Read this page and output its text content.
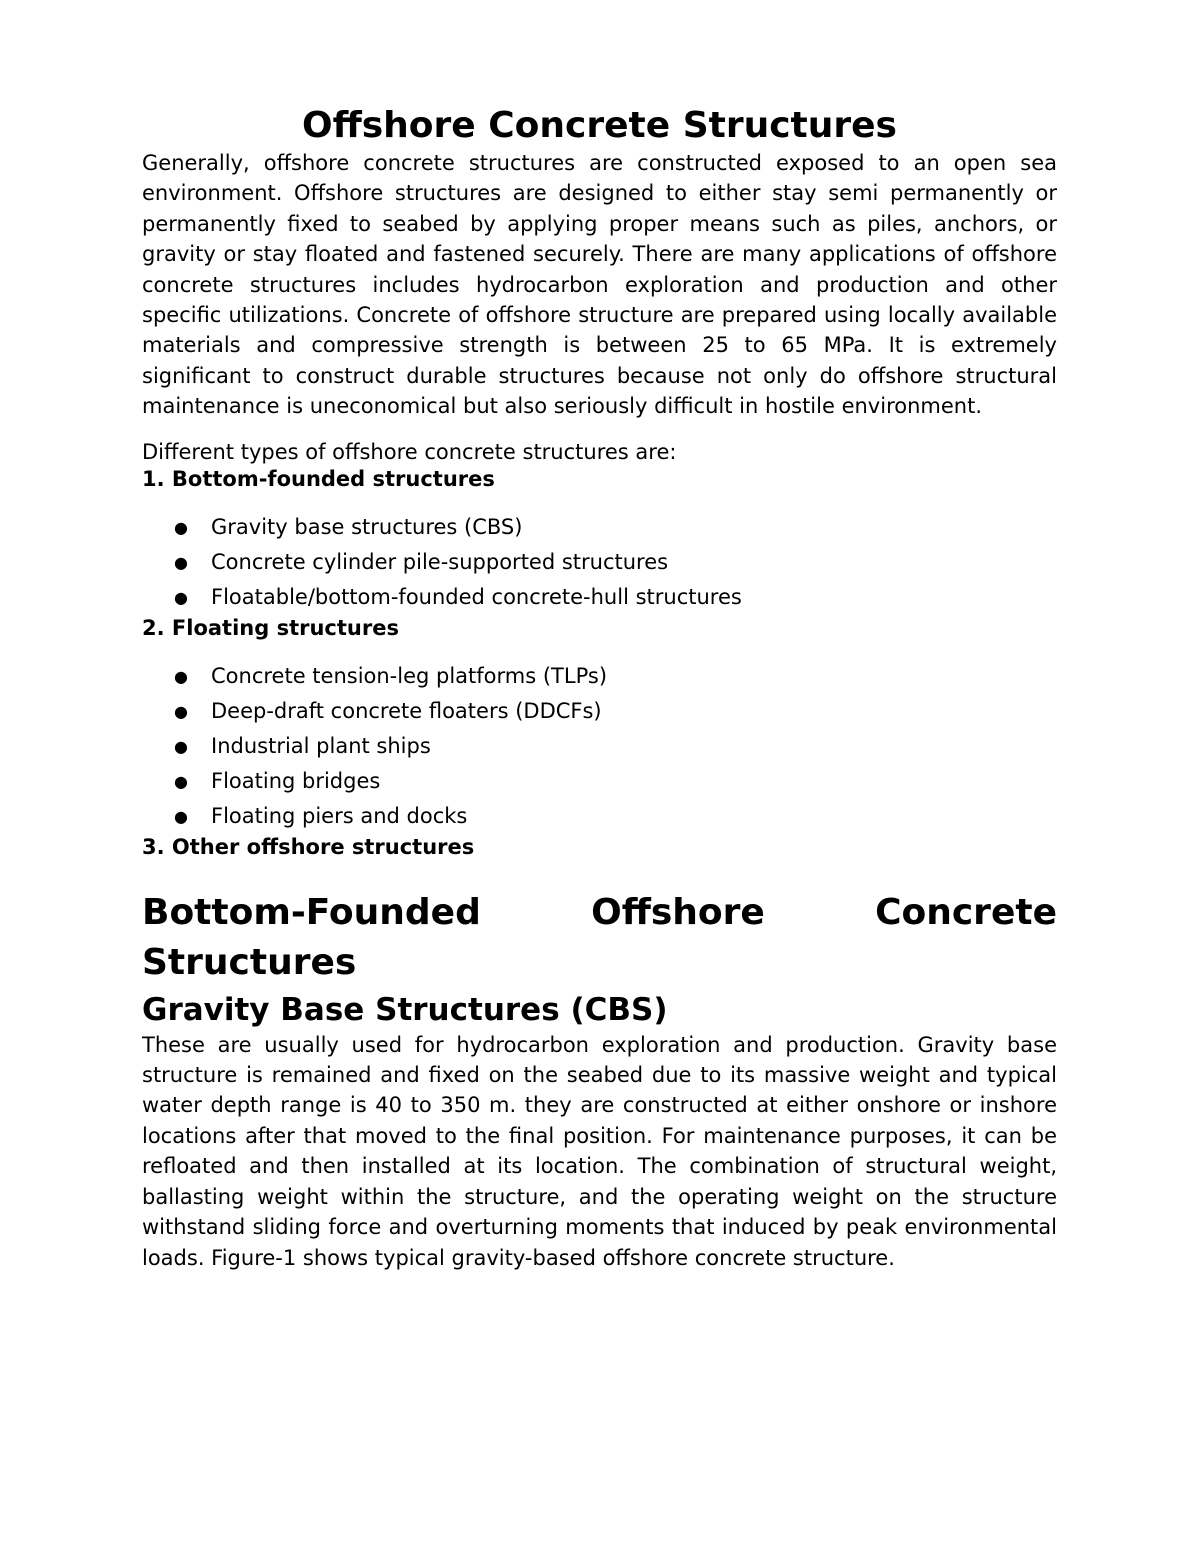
Offshore Concrete Structures

Generally, offshore concrete structures are constructed exposed to an open sea environment. Offshore structures are designed to either stay semi permanently or permanently fixed to seabed by applying proper means such as piles, anchors, or gravity or stay floated and fastened securely. There are many applications of offshore concrete structures includes hydrocarbon exploration and production and other specific utilizations. Concrete of offshore structure are prepared using locally available materials and compressive strength is between 25 to 65 MPa. It is extremely significant to construct durable structures because not only do offshore structural maintenance is uneconomical but also seriously difficult in hostile environment.

Different types of offshore concrete structures are:
1. Bottom-founded structures
● Gravity base structures (CBS)
● Concrete cylinder pile-supported structures
● Floatable/bottom-founded concrete-hull structures
2. Floating structures
● Concrete tension-leg platforms (TLPs)
● Deep-draft concrete floaters (DDCFs)
● Industrial plant ships
● Floating bridges
● Floating piers and docks
3. Other offshore structures
Bottom-Founded	Offshore	Concrete
Structures
Gravity Base Structures (CBS)

These are usually used for hydrocarbon exploration and production. Gravity base structure is remained and fixed on the seabed due to its massive weight and typical water depth range is 40 to 350 m. they are constructed at either onshore or inshore locations after that moved to the final position. For maintenance purposes, it can be refloated and then installed at its location. The combination of structural weight, ballasting weight within the structure, and the operating weight on the structure withstand sliding force and overturning moments that induced by peak environmental loads. Figure-1 shows typical gravity-based offshore concrete structure.
